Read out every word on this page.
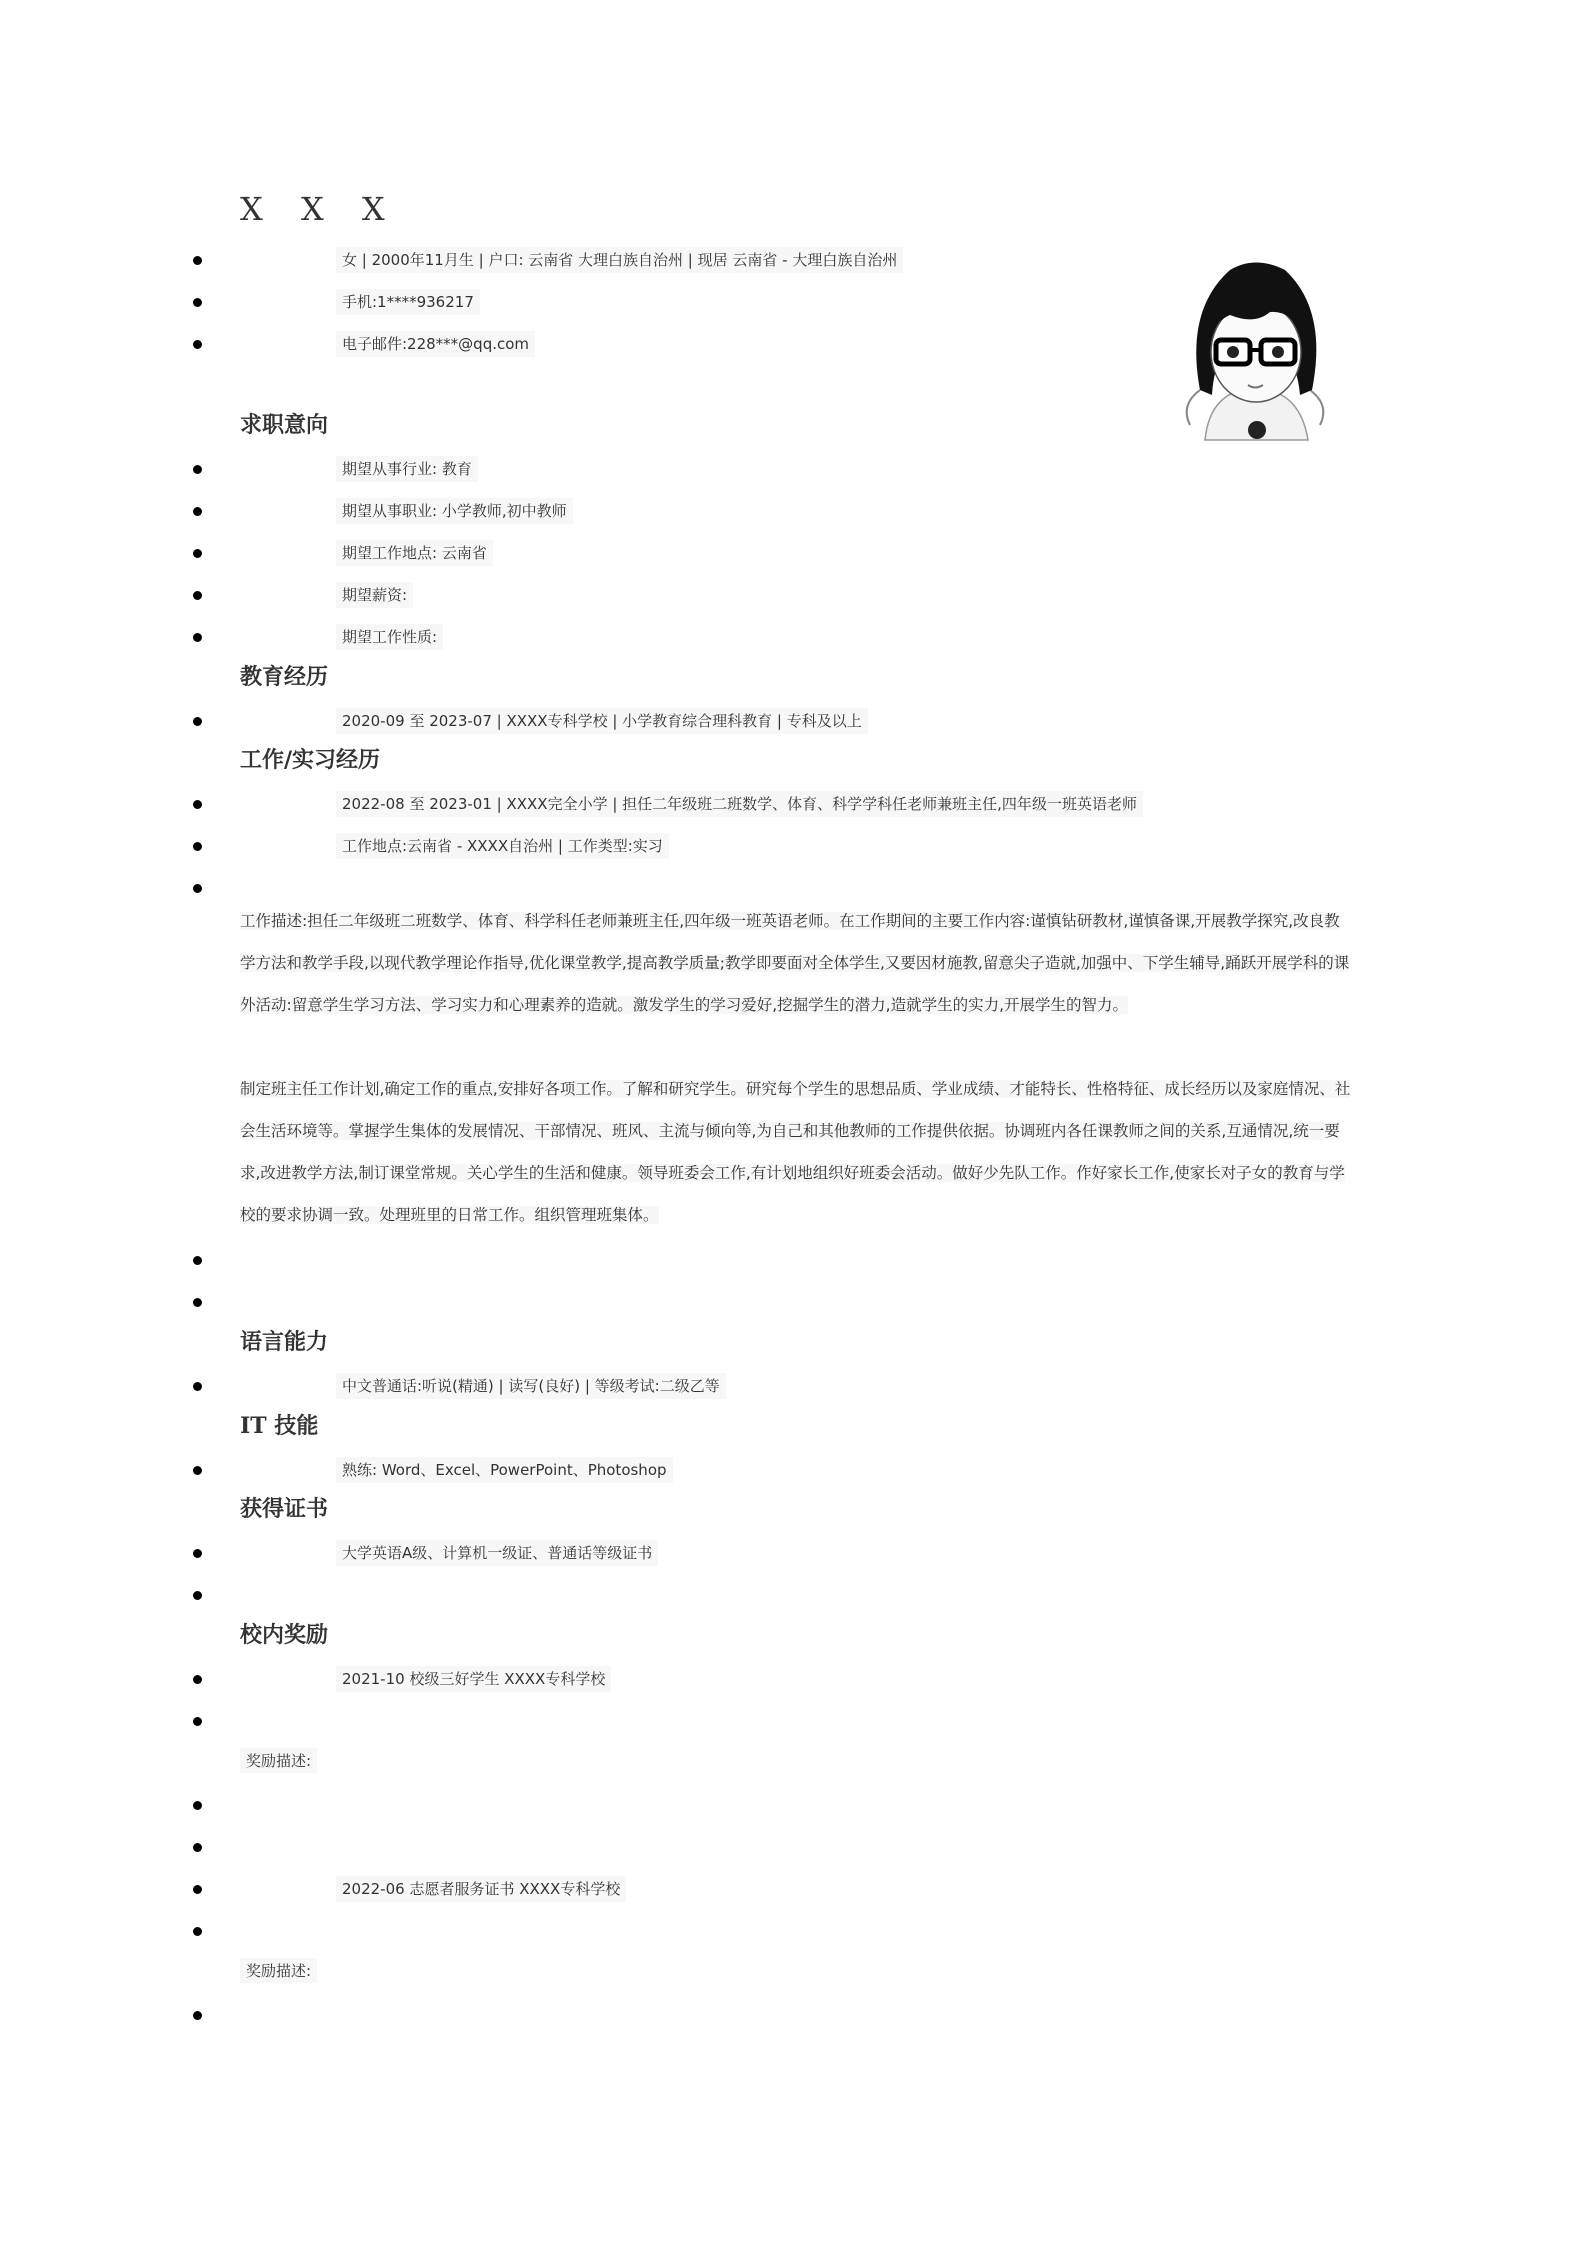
X X X
女 | 2000年11月生 | 户口: 云南省 大理白族自治州 | 现居 云南省 - 大理白族自治州
手机:1****936217
电子邮件:228***@qq.com
求职意向
期望从事行业: 教育
期望从事职业: 小学教师,初中教师
期望工作地点: 云南省
期望薪资:
期望工作性质:
教育经历
2020-09 至 2023-07 | XXXX专科学校 | 小学教育综合理科教育 | 专科及以上
工作/实习经历
2022-08 至 2023-01 | XXXX完全小学 | 担任二年级班二班数学、体育、科学学科任老师兼班主任,四年级一班英语老师
工作地点:云南省 - XXXX自治州 | 工作类型:实习
工作描述:担任二年级班二班数学、体育、科学科任老师兼班主任,四年级一班英语老师。在工作期间的主要工作内容:谨慎钻研教材,谨慎备课,开展教学探究,改良教学方法和教学手段,以现代教学理论作指导,优化课堂教学,提高教学质量;教学即要面对全体学生,又要因材施教,留意尖子造就,加强中、下学生辅导,踊跃开展学科的课外活动:留意学生学习方法、学习实力和心理素养的造就。激发学生的学习爱好,挖掘学生的潜力,造就学生的实力,开展学生的智力。
制定班主任工作计划,确定工作的重点,安排好各项工作。了解和研究学生。研究每个学生的思想品质、学业成绩、才能特长、性格特征、成长经历以及家庭情况、社会生活环境等。掌握学生集体的发展情况、干部情况、班风、主流与倾向等,为自己和其他教师的工作提供依据。协调班内各任课教师之间的关系,互通情况,统一要求,改进教学方法,制订课堂常规。关心学生的生活和健康。领导班委会工作,有计划地组织好班委会活动。做好少先队工作。作好家长工作,使家长对子女的教育与学校的要求协调一致。处理班里的日常工作。组织管理班集体。
语言能力
中文普通话:听说(精通) | 读写(良好) | 等级考试:二级乙等
IT 技能
熟练: Word、Excel、PowerPoint、Photoshop
获得证书
大学英语A级、计算机一级证、普通话等级证书
校内奖励
2021-10 校级三好学生 XXXX专科学校
奖励描述:
2022-06 志愿者服务证书 XXXX专科学校
奖励描述:
